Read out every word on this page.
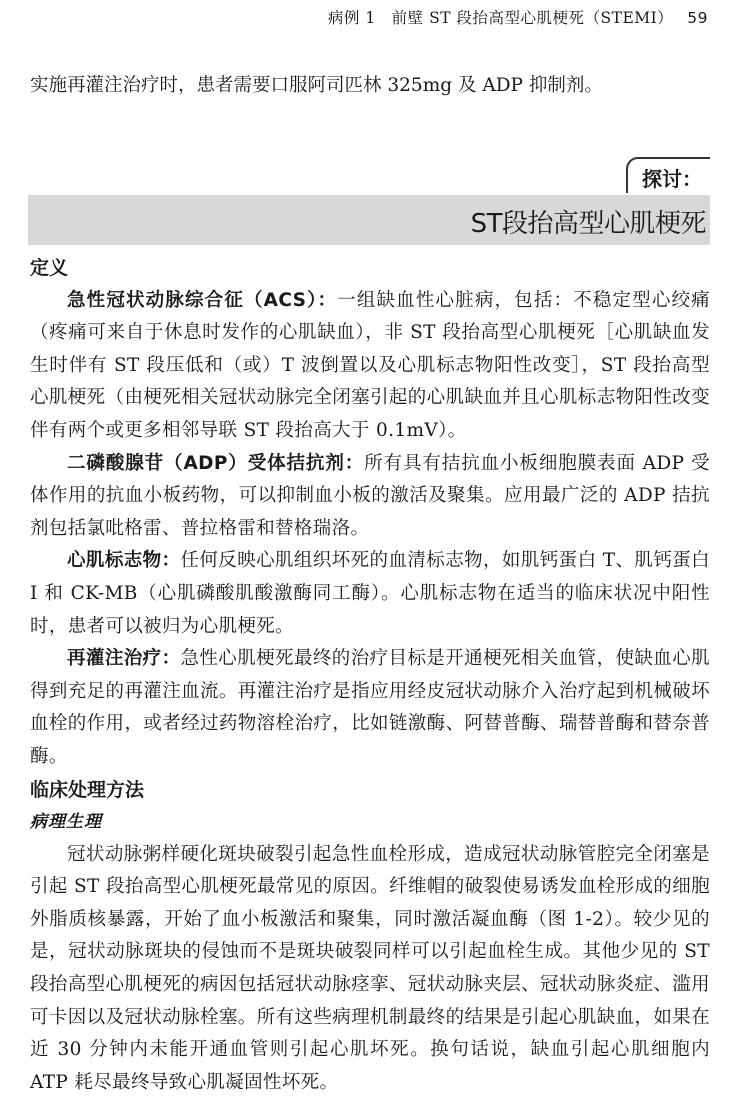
病例 1　前壁 ST 段抬高型心肌梗死（STEMI） 59
实施再灌注治疗时，患者需要口服阿司匹林 325mg 及 ADP 抑制剂。
探讨：
ST段抬高型心肌梗死
定义

急性冠状动脉综合征（ACS）：一组缺血性心脏病，包括：不稳定型心绞痛（疼痛可来自于休息时发作的心肌缺血），非 ST 段抬高型心肌梗死［心肌缺血发生时伴有 ST 段压低和（或）T 波倒置以及心肌标志物阳性改变］，ST 段抬高型心肌梗死（由梗死相关冠状动脉完全闭塞引起的心肌缺血并且心肌标志物阳性改变伴有两个或更多相邻导联 ST 段抬高大于 0.1mV）。

二磷酸腺苷（ADP）受体拮抗剂：所有具有拮抗血小板细胞膜表面 ADP 受体作用的抗血小板药物，可以抑制血小板的激活及聚集。应用最广泛的 ADP 拮抗剂包括氯吡格雷、普拉格雷和替格瑞洛。

心肌标志物：任何反映心肌组织坏死的血清标志物，如肌钙蛋白 T、肌钙蛋白 I 和 CK-MB（心肌磷酸肌酸激酶同工酶）。心肌标志物在适当的临床状况中阳性时，患者可以被归为心肌梗死。

再灌注治疗：急性心肌梗死最终的治疗目标是开通梗死相关血管，使缺血心肌得到充足的再灌注血流。再灌注治疗是指应用经皮冠状动脉介入治疗起到机械破坏血栓的作用，或者经过药物溶栓治疗，比如链激酶、阿替普酶、瑞替普酶和替奈普酶。

临床处理方法
病理生理

冠状动脉粥样硬化斑块破裂引起急性血栓形成，造成冠状动脉管腔完全闭塞是引起 ST 段抬高型心肌梗死最常见的原因。纤维帽的破裂使易诱发血栓形成的细胞外脂质核暴露，开始了血小板激活和聚集，同时激活凝血酶（图 1-2）。较少见的是，冠状动脉斑块的侵蚀而不是斑块破裂同样可以引起血栓生成。其他少见的 ST 段抬高型心肌梗死的病因包括冠状动脉痉挛、冠状动脉夹层、冠状动脉炎症、滥用可卡因以及冠状动脉栓塞。所有这些病理机制最终的结果是引起心肌缺血，如果在近 30 分钟内未能开通血管则引起心肌坏死。换句话说，缺血引起心肌细胞内 ATP 耗尽最终导致心肌凝固性坏死。
